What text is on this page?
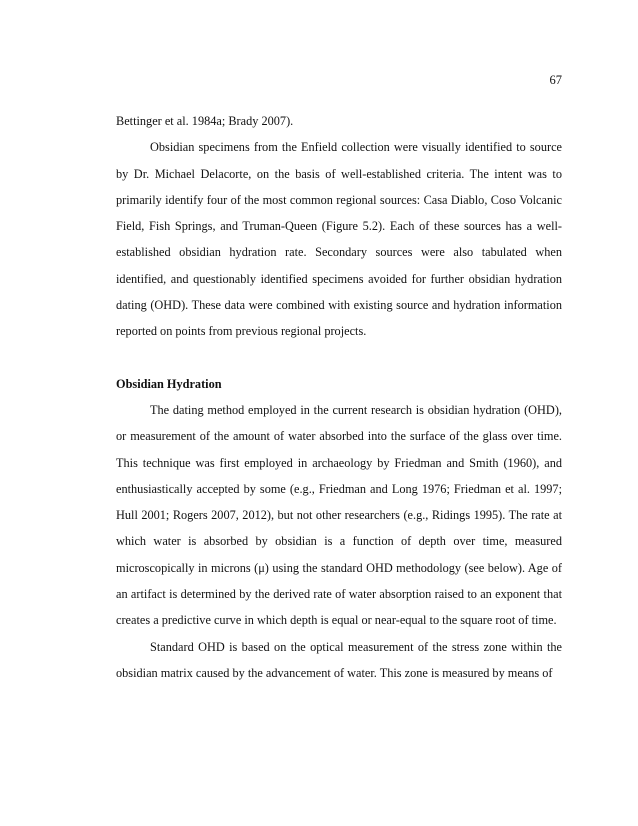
67

Bettinger et al. 1984a; Brady 2007).

Obsidian specimens from the Enfield collection were visually identified to source by Dr. Michael Delacorte, on the basis of well-established criteria. The intent was to primarily identify four of the most common regional sources: Casa Diablo, Coso Volcanic Field, Fish Springs, and Truman-Queen (Figure 5.2). Each of these sources has a well-established obsidian hydration rate. Secondary sources were also tabulated when identified, and questionably identified specimens avoided for further obsidian hydration dating (OHD). These data were combined with existing source and hydration information reported on points from previous regional projects.

Obsidian Hydration

The dating method employed in the current research is obsidian hydration (OHD), or measurement of the amount of water absorbed into the surface of the glass over time. This technique was first employed in archaeology by Friedman and Smith (1960), and enthusiastically accepted by some (e.g., Friedman and Long 1976; Friedman et al. 1997; Hull 2001; Rogers 2007, 2012), but not other researchers (e.g., Ridings 1995). The rate at which water is absorbed by obsidian is a function of depth over time, measured microscopically in microns (μ) using the standard OHD methodology (see below). Age of an artifact is determined by the derived rate of water absorption raised to an exponent that creates a predictive curve in which depth is equal or near-equal to the square root of time.

Standard OHD is based on the optical measurement of the stress zone within the obsidian matrix caused by the advancement of water. This zone is measured by means of
